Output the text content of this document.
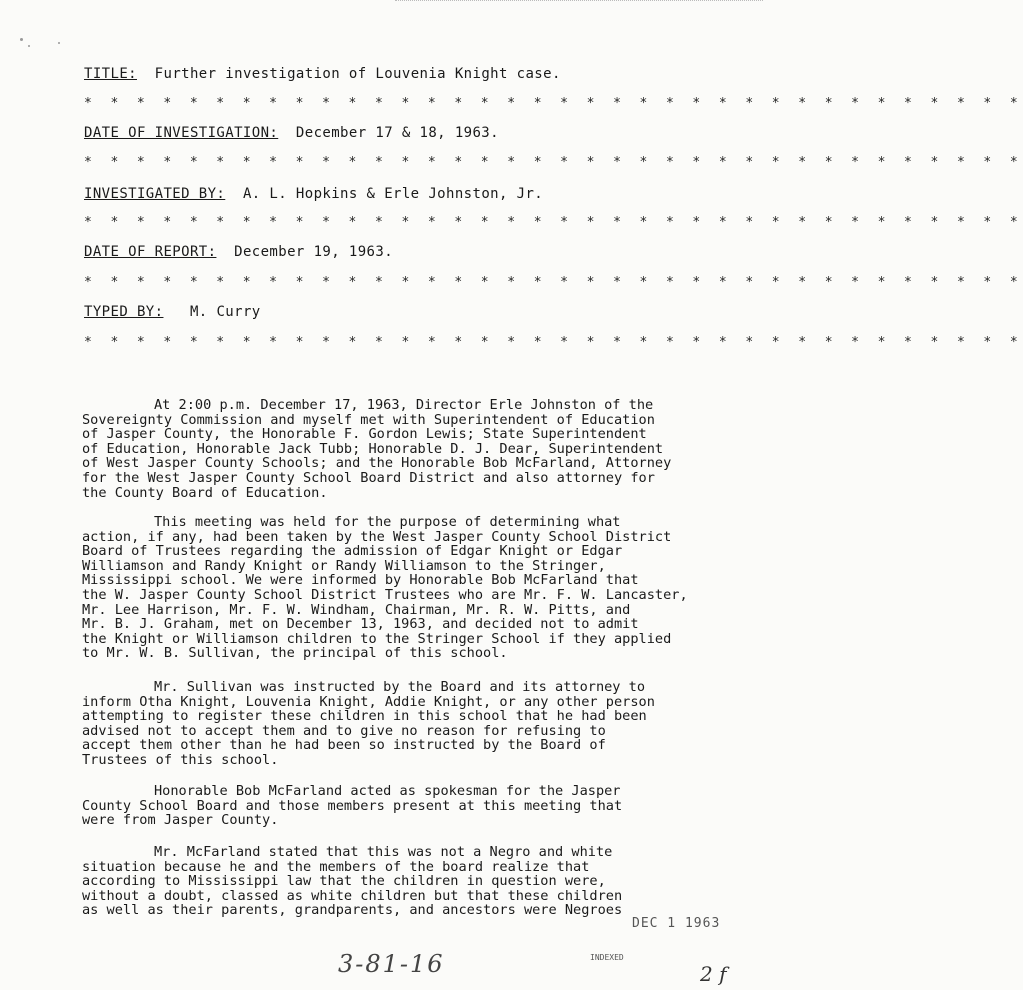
TITLE: Further investigation of Louvenia Knight case.
* * * * * * * * * * * * * * * * * * * * * * * * * * * * * * * * * * * *
DATE OF INVESTIGATION: December 17 & 18, 1963.
* * * * * * * * * * * * * * * * * * * * * * * * * * * * * * * * * * * *
INVESTIGATED BY: A. L. Hopkins & Erle Johnston, Jr.
* * * * * * * * * * * * * * * * * * * * * * * * * * * * * * * * * * * *
DATE OF REPORT: December 19, 1963.
* * * * * * * * * * * * * * * * * * * * * * * * * * * * * * * * * * * *
TYPED BY: M. Curry
* * * * * * * * * * * * * * * * * * * * * * * * * * * * * * * * * * * *
At 2:00 p.m. December 17, 1963, Director Erle Johnston of the
Sovereignty Commission and myself met with Superintendent of Education
of Jasper County, the Honorable F. Gordon Lewis; State Superintendent
of Education, Honorable Jack Tubb; Honorable D. J. Dear, Superintendent
of West Jasper County Schools; and the Honorable Bob McFarland, Attorney
for the West Jasper County School Board District and also attorney for
the County Board of Education.
This meeting was held for the purpose of determining what
action, if any, had been taken by the West Jasper County School District
Board of Trustees regarding the admission of Edgar Knight or Edgar
Williamson and Randy Knight or Randy Williamson to the Stringer,
Mississippi school. We were informed by Honorable Bob McFarland that
the W. Jasper County School District Trustees who are Mr. F. W. Lancaster,
Mr. Lee Harrison, Mr. F. W. Windham, Chairman, Mr. R. W. Pitts, and
Mr. B. J. Graham, met on December 13, 1963, and decided not to admit
the Knight or Williamson children to the Stringer School if they applied
to Mr. W. B. Sullivan, the principal of this school.
Mr. Sullivan was instructed by the Board and its attorney to
inform Otha Knight, Louvenia Knight, Addie Knight, or any other person
attempting to register these children in this school that he had been
advised not to accept them and to give no reason for refusing to
accept them other than he had been so instructed by the Board of
Trustees of this school.
Honorable Bob McFarland acted as spokesman for the Jasper
County School Board and those members present at this meeting that
were from Jasper County.
Mr. McFarland stated that this was not a Negro and white
situation because he and the members of the board realize that
according to Mississippi law that the children in question were,
without a doubt, classed as white children but that these children
as well as their parents, grandparents, and ancestors were Negroes
DEC 1 1963
3-81-16	INDEXED
2 f
